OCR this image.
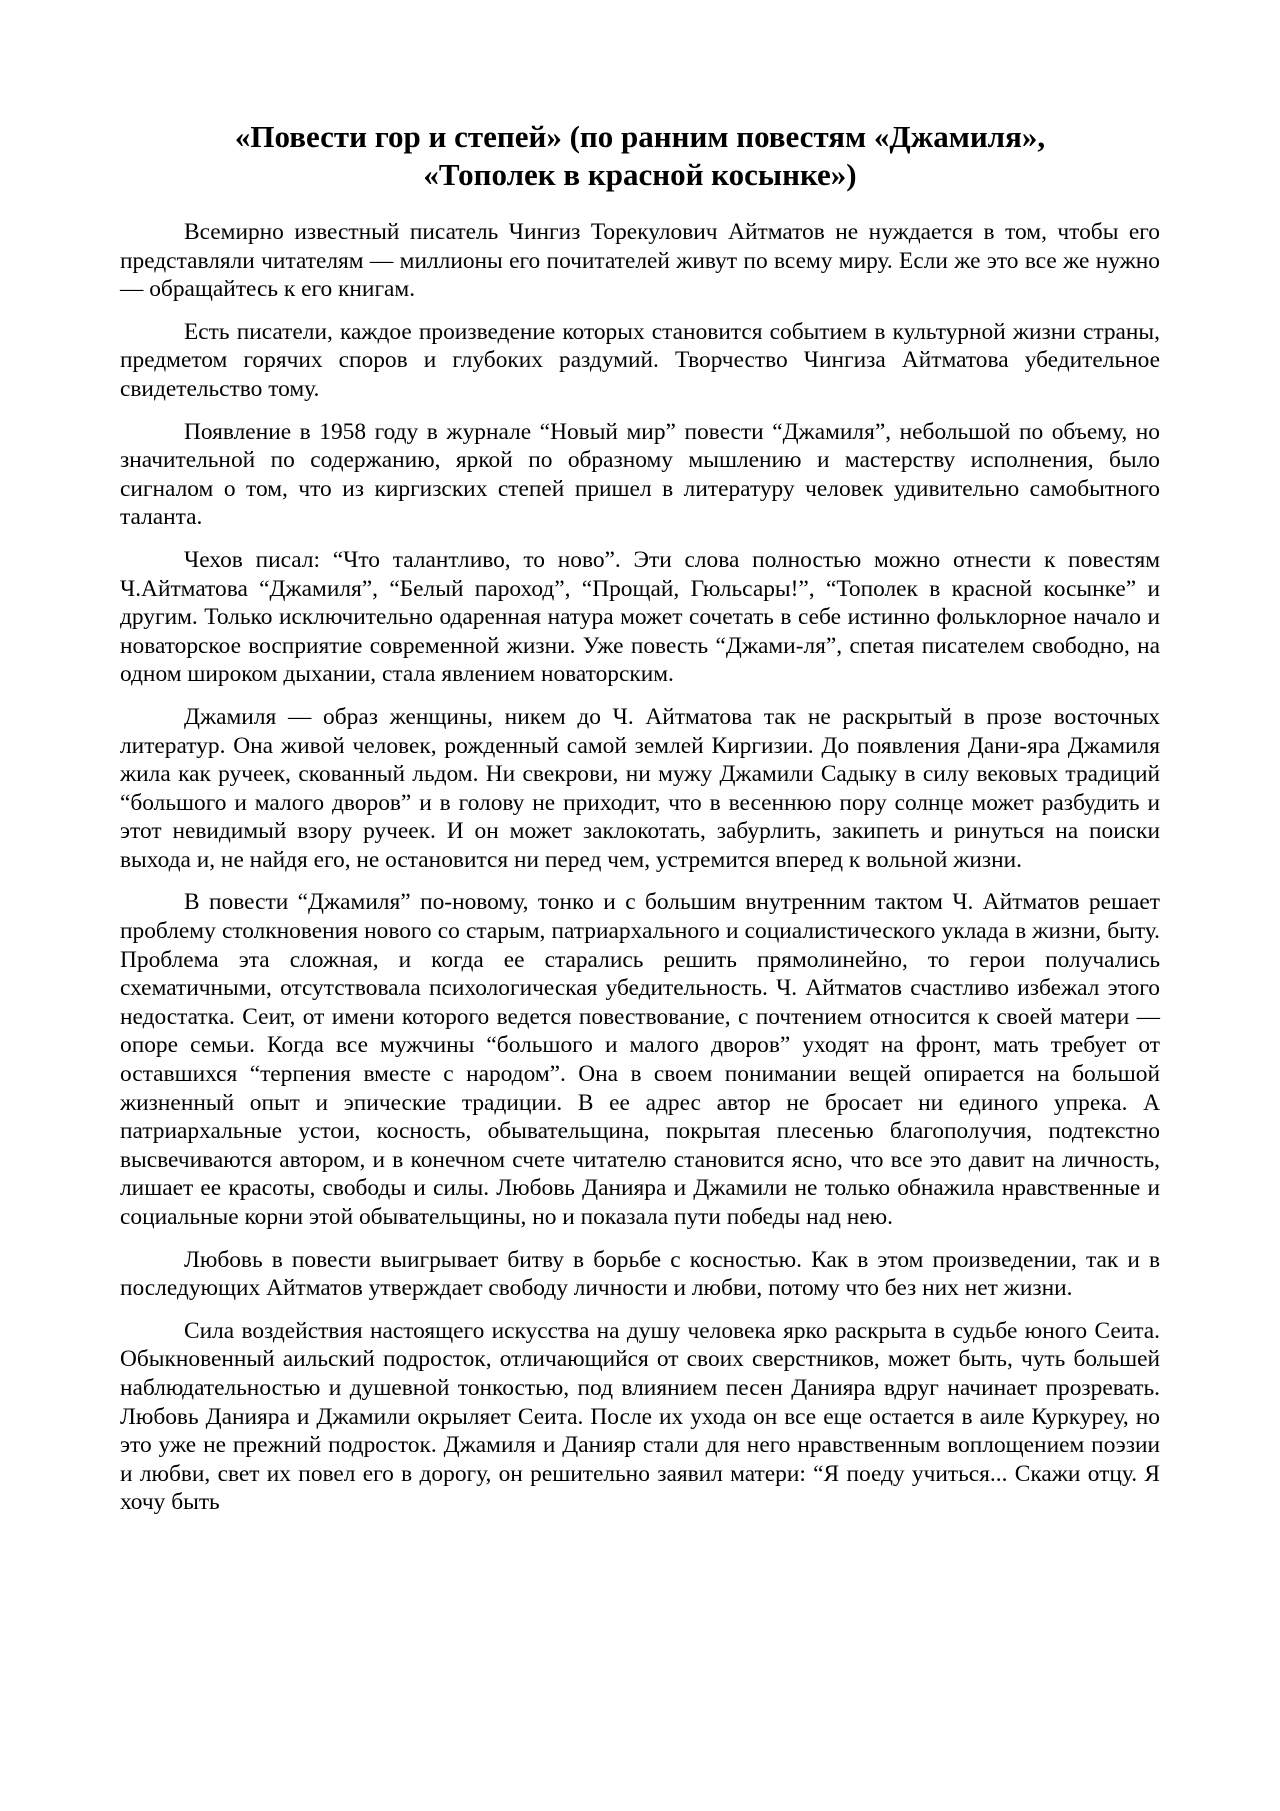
«Повести гор и степей» (по ранним повестям «Джамиля»,
«Тополек в красной косынке»)

Всемирно известный писатель Чингиз Торекулович Айтматов не нуждается в том, чтобы его представляли читателям — миллионы его почитателей живут по всему миру. Если же это все же нужно — обращайтесь к его книгам.

Есть писатели, каждое произведение которых становится событием в культурной жизни страны, предметом горячих споров и глубоких раздумий. Творчество Чингиза Айтматова убедительное свидетельство тому.

Появление в 1958 году в журнале “Новый мир” повести “Джамиля”, небольшой по объему, но значительной по содержанию, яркой по образному мышлению и мастерству исполнения, было сигналом о том, что из киргизских степей пришел в литературу человек удивительно самобытного таланта.

Чехов писал: “Что талантливо, то ново”. Эти слова полностью можно отнести к повестям Ч.Айтматова “Джамиля”, “Белый пароход”, “Прощай, Гюльсары!”, “Тополек в красной косынке” и другим. Только исключительно одаренная натура может сочетать в себе истинно фольклорное начало и новаторское восприятие современной жизни. Уже повесть “Джами-ля”, спетая писателем свободно, на одном широком дыхании, стала явлением новаторским.

Джамиля — образ женщины, никем до Ч. Айтматова так не раскрытый в прозе восточных литератур. Она живой человек, рожденный самой землей Киргизии. До появления Дани-яра Джамиля жила как ручеек, скованный льдом. Ни свекрови, ни мужу Джамили Садыку в силу вековых традиций “большого и малого дворов” и в голову не приходит, что в весеннюю пору солнце может разбудить и этот невидимый взору ручеек. И он может заклокотать, забурлить, закипеть и ринуться на поиски выхода и, не найдя его, не остановится ни перед чем, устремится вперед к вольной жизни.

В повести “Джамиля” по-новому, тонко и с большим внутренним тактом Ч. Айтматов решает проблему столкновения нового со старым, патриархального и социалистического уклада в жизни, быту. Проблема эта сложная, и когда ее старались решить прямолинейно, то герои получались схематичными, отсутствовала психологическая убедительность. Ч. Айтматов счастливо избежал этого недостатка. Сеит, от имени которого ведется повествование, с почтением относится к своей матери — опоре семьи. Когда все мужчины “большого и малого дворов” уходят на фронт, мать требует от оставшихся “терпения вместе с народом”. Она в своем понимании вещей опирается на большой жизненный опыт и эпические традиции. В ее адрес автор не бросает ни единого упрека. А патриархальные устои, косность, обывательщина, покрытая плесенью благополучия, подтекстно высвечиваются автором, и в конечном счете читателю становится ясно, что все это давит на личность, лишает ее красоты, свободы и силы. Любовь Данияра и Джамили не только обнажила нравственные и социальные корни этой обывательщины, но и показала пути победы над нею.

Любовь в повести выигрывает битву в борьбе с косностью. Как в этом произведении, так и в последующих Айтматов утверждает свободу личности и любви, потому что без них нет жизни.

Сила воздействия настоящего искусства на душу человека ярко раскрыта в судьбе юного Сеита. Обыкновенный аильский подросток, отличающийся от своих сверстников, может быть, чуть большей наблюдательностью и душевной тонкостью, под влиянием песен Данияра вдруг начинает прозревать. Любовь Данияра и Джамили окрыляет Сеита. После их ухода он все еще остается в аиле Куркурeу, но это уже не прежний подросток. Джамиля и Данияр стали для него нравственным воплощением поэзии и любви, свет их повел его в дорогу, он решительно заявил матери: “Я поеду учиться... Скажи отцу. Я хочу быть
